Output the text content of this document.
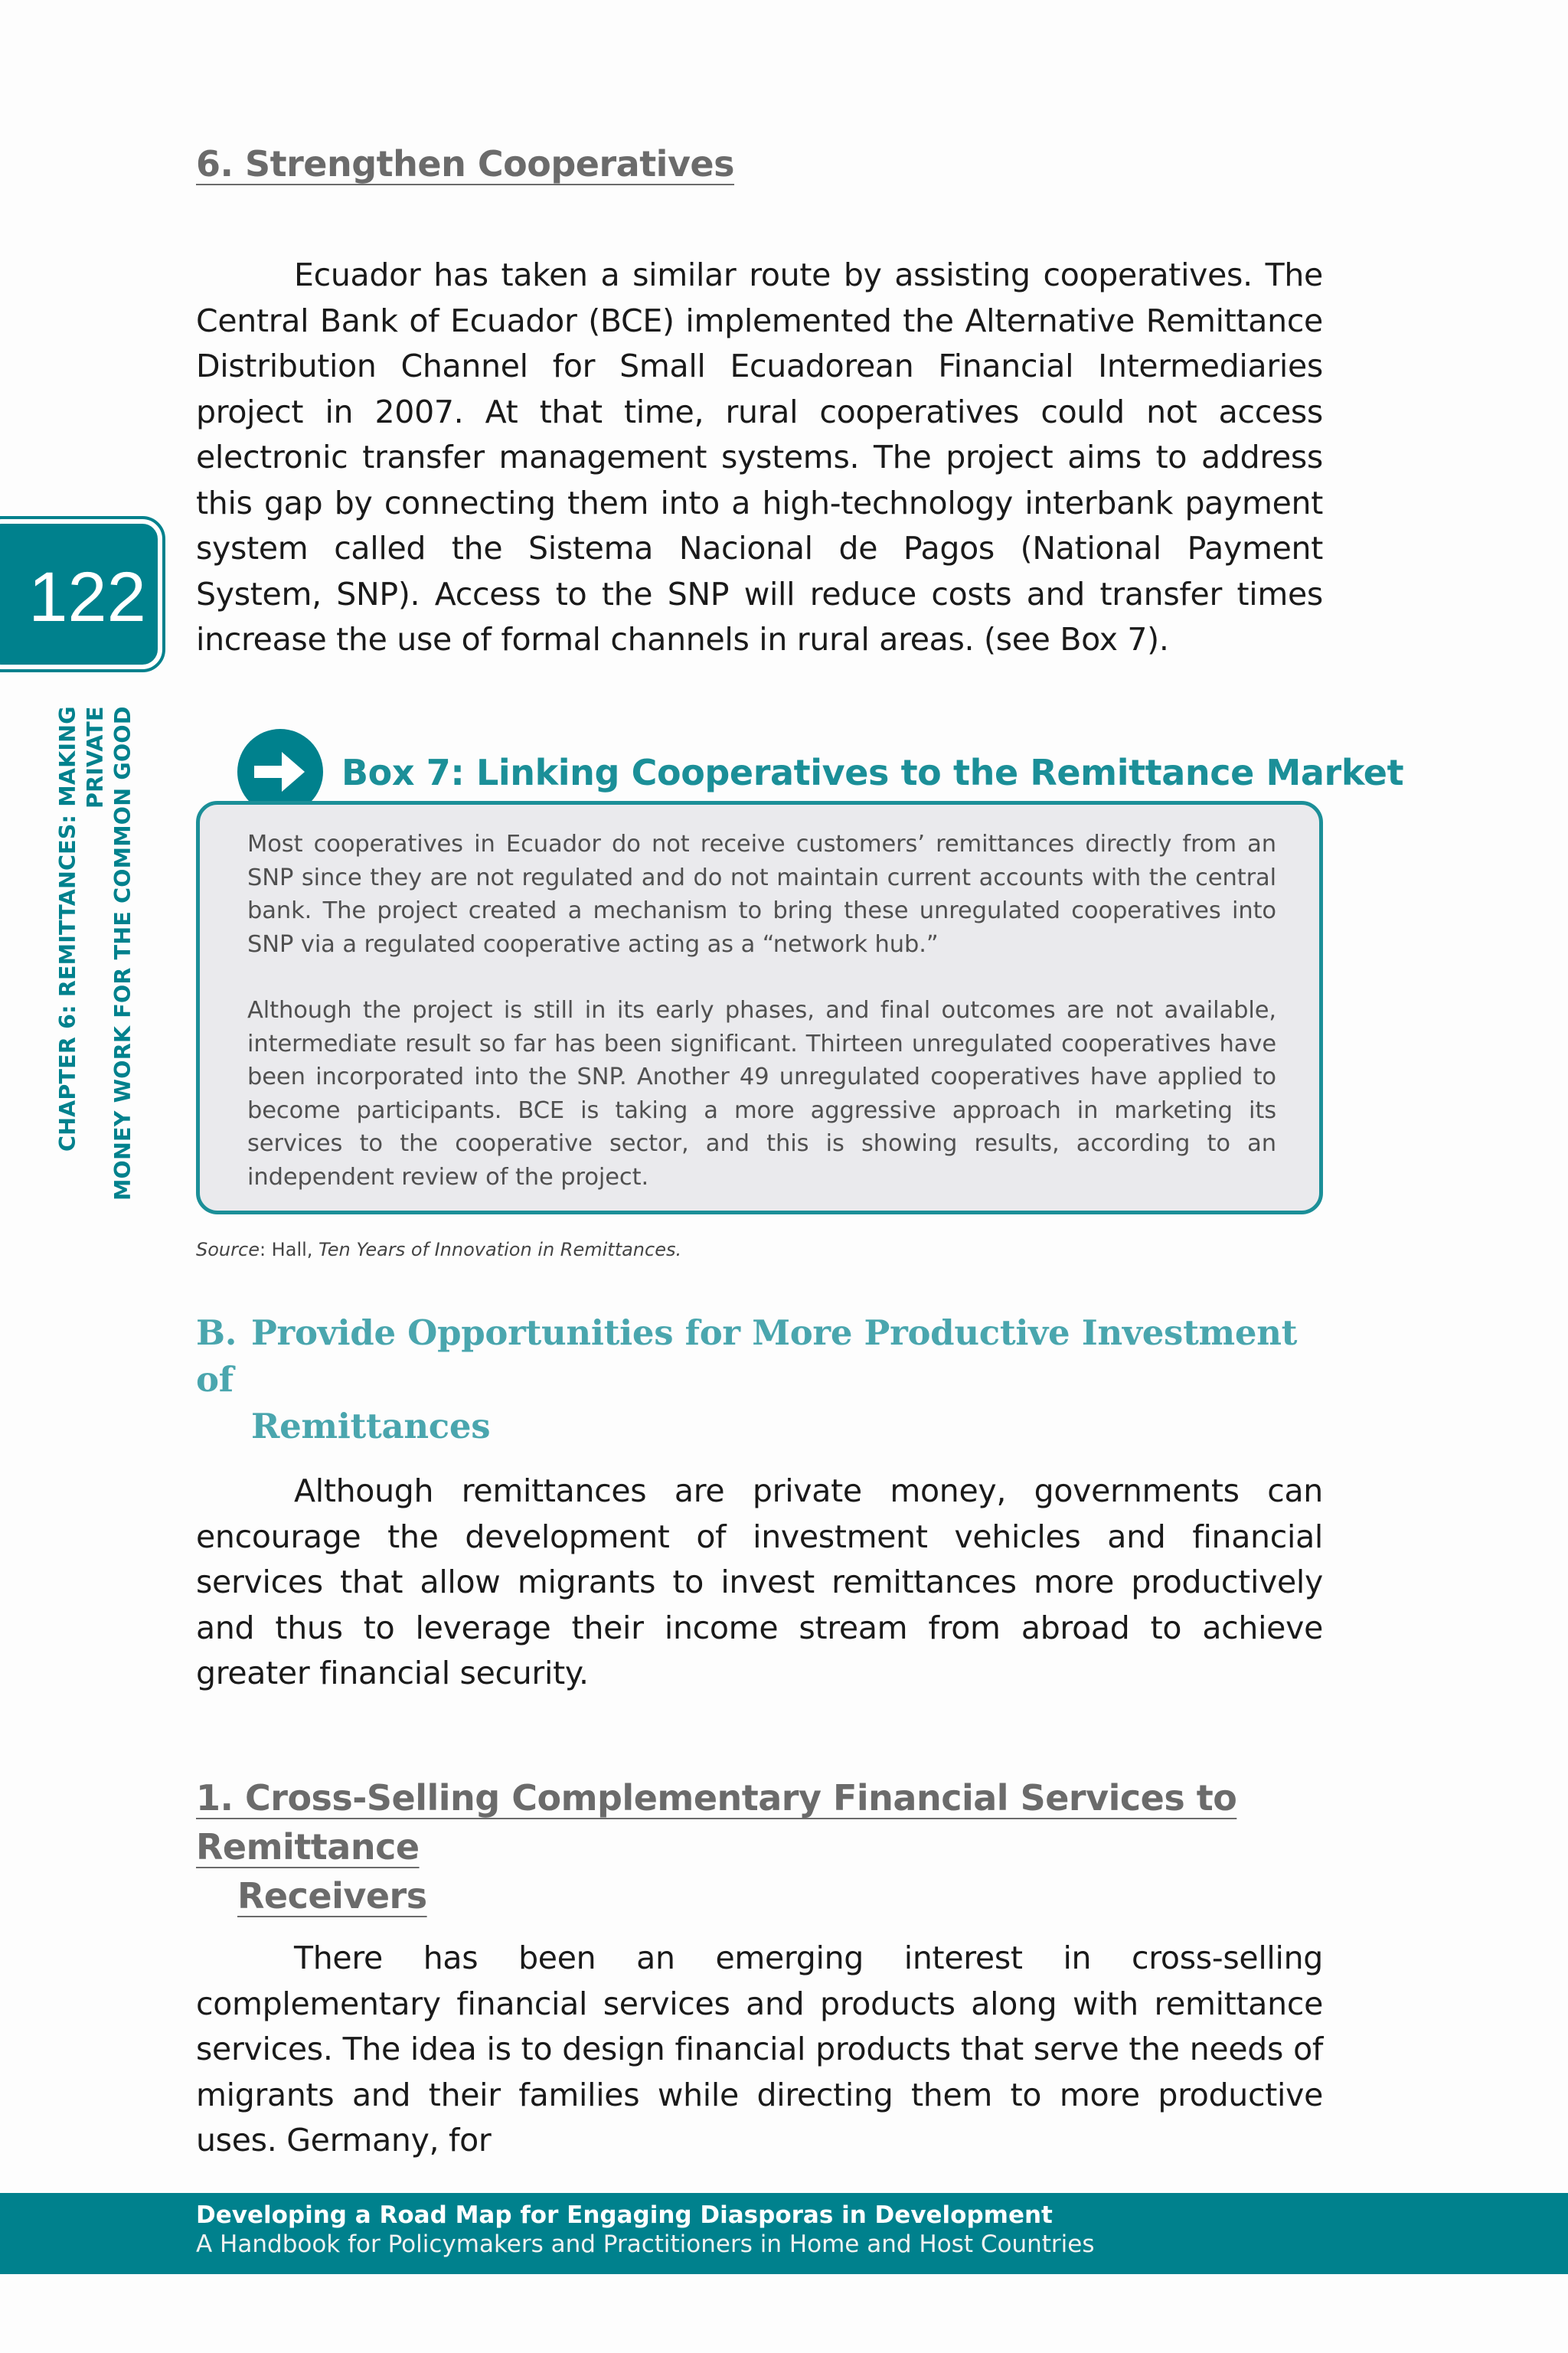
122
CHAPTER 6: REMITTANCES: MAKING PRIVATE MONEY WORK FOR THE COMMON GOOD
6. Strengthen Cooperatives

Ecuador has taken a similar route by assisting cooperatives. The Central Bank of Ecuador (BCE) implemented the Alternative Remittance Distribution Channel for Small Ecuadorean Financial Intermediaries project in 2007. At that time, rural cooperatives could not access electronic transfer management systems. The project aims to address this gap by connecting them into a high-technology interbank payment system called the Sistema Nacional de Pagos (National Payment System, SNP). Access to the SNP will reduce costs and transfer times increase the use of formal channels in rural areas. (see Box 7).

Box 7: Linking Cooperatives to the Remittance Market

Most cooperatives in Ecuador do not receive customers’ remittances directly from an SNP since they are not regulated and do not maintain current accounts with the central bank. The project created a mechanism to bring these unregulated cooperatives into SNP via a regulated cooperative acting as a “network hub.”

Although the project is still in its early phases, and final outcomes are not available, intermediate result so far has been significant. Thirteen unregulated cooperatives have been incorporated into the SNP. Another 49 unregulated cooperatives have applied to become participants. BCE is taking a more aggressive approach in marketing its services to the cooperative sector, and this is showing results, according to an independent review of the project.

Source: Hall, Ten Years of Innovation in Remittances.

B. Provide Opportunities for More Productive Investment of
Remittances

Although remittances are private money, governments can encourage the development of investment vehicles and financial services that allow migrants to invest remittances more productively and thus to leverage their income stream from abroad to achieve greater financial security.

1. Cross-Selling Complementary Financial Services to Remittance
Receivers

There has been an emerging interest in cross-selling complementary financial services and products along with remittance services. The idea is to design financial products that serve the needs of migrants and their families while directing them to more productive uses. Germany, for

Developing a Road Map for Engaging Diasporas in Development

A Handbook for Policymakers and Practitioners in Home and Host Countries
